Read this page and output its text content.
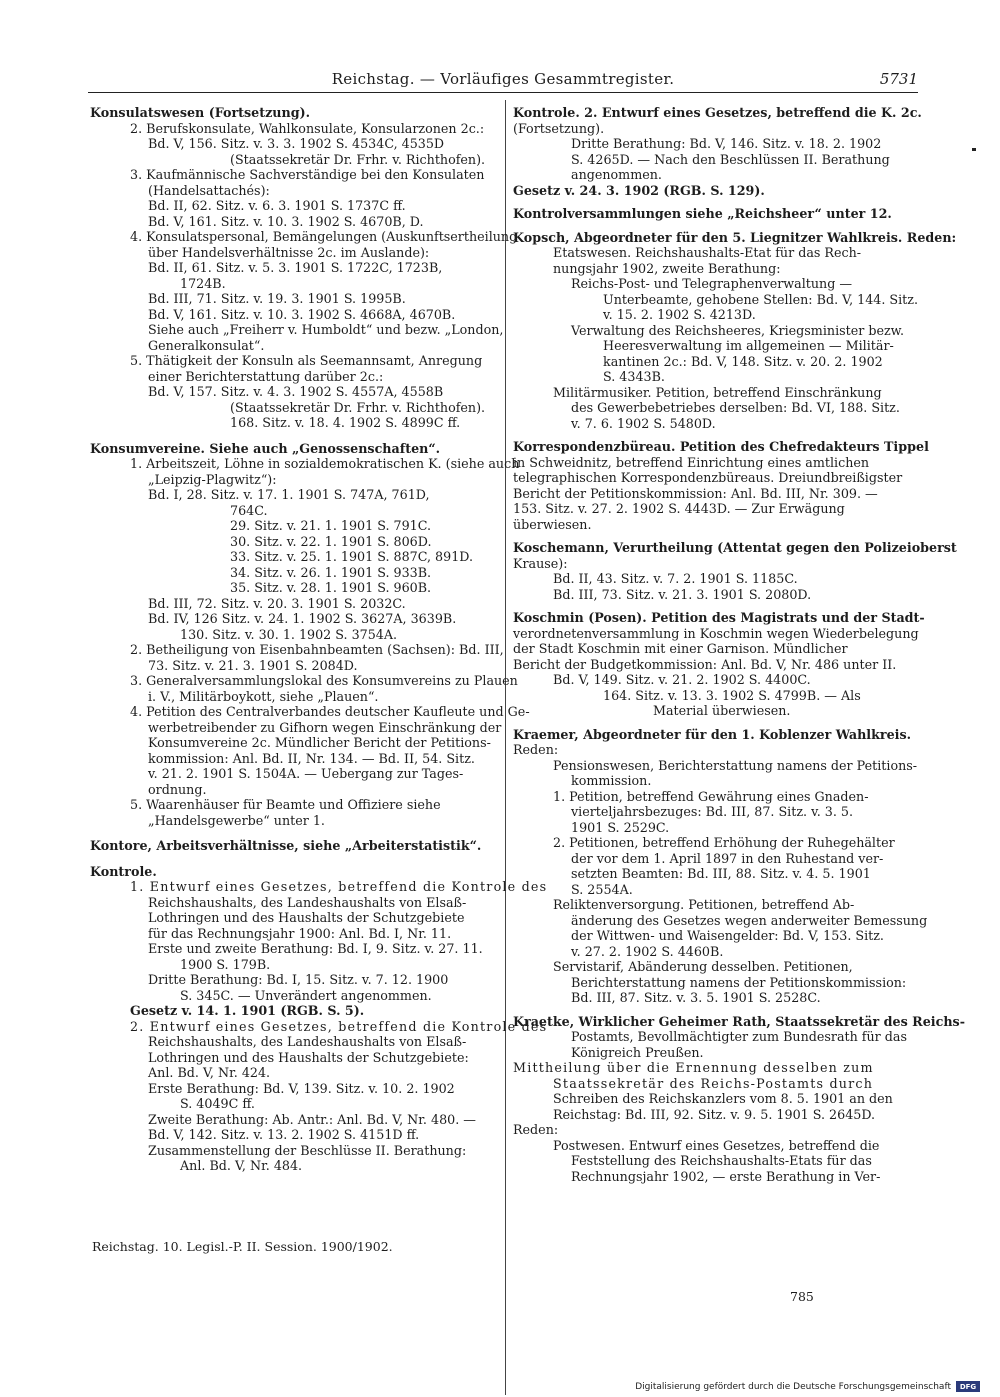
Reichstag. — Vorläufiges Gesammtregister.	5731
Konsulatswesen (Fortsetzung).
2. Berufskonsulate, Wahlkonsulate, Konsularzonen 2c.:
Bd. V, 156. Sitz. v. 3. 3. 1902 S. 4534C, 4535D
(Staatssekretär Dr. Frhr. v. Richthofen).
3. Kaufmännische Sachverständige bei den Konsulaten
(Handelsattachés):
Bd. II, 62. Sitz. v. 6. 3. 1901 S. 1737C ff.
Bd. V, 161. Sitz. v. 10. 3. 1902 S. 4670B, D.
4. Konsulatspersonal, Bemängelungen (Auskunftsertheilung
über Handelsverhältnisse 2c. im Auslande):
Bd. II, 61. Sitz. v. 5. 3. 1901 S. 1722C, 1723B,
1724B.
Bd. III, 71. Sitz. v. 19. 3. 1901 S. 1995B.
Bd. V, 161. Sitz. v. 10. 3. 1902 S. 4668A, 4670B.
Siehe auch „Freiherr v. Humboldt“ und bezw. „London,
Generalkonsulat“.
5. Thätigkeit der Konsuln als Seemannsamt, Anregung
einer Berichterstattung darüber 2c.:
Bd. V, 157. Sitz. v. 4. 3. 1902 S. 4557A, 4558B
(Staatssekretär Dr. Frhr. v. Richthofen).
168. Sitz. v. 18. 4. 1902 S. 4899C ff.
Konsumvereine. Siehe auch „Genossenschaften“.
1. Arbeitszeit, Löhne in sozialdemokratischen K. (siehe auch
„Leipzig-Plagwitz“):
Bd. I, 28. Sitz. v. 17. 1. 1901 S. 747A, 761D,
764C.
29. Sitz. v. 21. 1. 1901 S. 791C.
30. Sitz. v. 22. 1. 1901 S. 806D.
33. Sitz. v. 25. 1. 1901 S. 887C, 891D.
34. Sitz. v. 26. 1. 1901 S. 933B.
35. Sitz. v. 28. 1. 1901 S. 960B.
Bd. III, 72. Sitz. v. 20. 3. 1901 S. 2032C.
Bd. IV, 126 Sitz. v. 24. 1. 1902 S. 3627A, 3639B.
130. Sitz. v. 30. 1. 1902 S. 3754A.
2. Betheiligung von Eisenbahnbeamten (Sachsen): Bd. III,
73. Sitz. v. 21. 3. 1901 S. 2084D.
3. Generalversammlungslokal des Konsumvereins zu Plauen
i. V., Militärboykott, siehe „Plauen“.
4. Petition des Centralverbandes deutscher Kaufleute und Ge-
werbetreibender zu Gifhorn wegen Einschränkung der
Konsumvereine 2c. Mündlicher Bericht der Petitions-
kommission: Anl. Bd. II, Nr. 134. — Bd. II, 54. Sitz.
v. 21. 2. 1901 S. 1504A. — Uebergang zur Tages-
ordnung.
5. Waarenhäuser für Beamte und Offiziere siehe
„Handelsgewerbe“ unter 1.
Kontore, Arbeitsverhältnisse, siehe „Arbeiterstatistik“.
Kontrole.
1. Entwurf eines Gesetzes, betreffend die Kontrole des
Reichshaushalts, des Landeshaushalts von Elsaß-
Lothringen und des Haushalts der Schutzgebiete
für das Rechnungsjahr 1900: Anl. Bd. I, Nr. 11.
Erste und zweite Berathung: Bd. I, 9. Sitz. v. 27. 11.
1900 S. 179B.
Dritte Berathung: Bd. I, 15. Sitz. v. 7. 12. 1900
S. 345C. — Unverändert angenommen.
Gesetz v. 14. 1. 1901 (RGB. S. 5).
2. Entwurf eines Gesetzes, betreffend die Kontrole des
Reichshaushalts, des Landeshaushalts von Elsaß-
Lothringen und des Haushalts der Schutzgebiete:
Anl. Bd. V, Nr. 424.
Erste Berathung: Bd. V, 139. Sitz. v. 10. 2. 1902
S. 4049C ff.
Zweite Berathung: Ab. Antr.: Anl. Bd. V, Nr. 480. —
Bd. V, 142. Sitz. v. 13. 2. 1902 S. 4151D ff.
Zusammenstellung der Beschlüsse II. Berathung:
Anl. Bd. V, Nr. 484.
Kontrole. 2. Entwurf eines Gesetzes, betreffend die K. 2c.
(Fortsetzung).
Dritte Berathung: Bd. V, 146. Sitz. v. 18. 2. 1902
S. 4265D. — Nach den Beschlüssen II. Berathung
angenommen.
Gesetz v. 24. 3. 1902 (RGB. S. 129).
Kontrolversammlungen siehe „Reichsheer“ unter 12.
Kopsch, Abgeordneter für den 5. Liegnitzer Wahlkreis. Reden:
Etatswesen. Reichshaushalts-Etat für das Rech-
nungsjahr 1902, zweite Berathung:
Reichs-Post- und Telegraphenverwaltung —
Unterbeamte, gehobene Stellen: Bd. V, 144. Sitz.
v. 15. 2. 1902 S. 4213D.
Verwaltung des Reichsheeres, Kriegsminister bezw.
Heeresverwaltung im allgemeinen — Militär-
kantinen 2c.: Bd. V, 148. Sitz. v. 20. 2. 1902
S. 4343B.
Militärmusiker. Petition, betreffend Einschränkung
des Gewerbebetriebes derselben: Bd. VI, 188. Sitz.
v. 7. 6. 1902 S. 5480D.
Korrespondenzbüreau. Petition des Chefredakteurs Tippel
in Schweidnitz, betreffend Einrichtung eines amtlichen
telegraphischen Korrespondenzbüreaus. Dreiundbreißigster
Bericht der Petitionskommission: Anl. Bd. III, Nr. 309. —
153. Sitz. v. 27. 2. 1902 S. 4443D. — Zur Erwägung
überwiesen.
Koschemann, Verurtheilung (Attentat gegen den Polizeioberst
Krause):
Bd. II, 43. Sitz. v. 7. 2. 1901 S. 1185C.
Bd. III, 73. Sitz. v. 21. 3. 1901 S. 2080D.
Koschmin (Posen). Petition des Magistrats und der Stadt-
verordnetenversammlung in Koschmin wegen Wiederbelegung
der Stadt Koschmin mit einer Garnison. Mündlicher
Bericht der Budgetkommission: Anl. Bd. V, Nr. 486 unter II.
Bd. V, 149. Sitz. v. 21. 2. 1902 S. 4400C.
164. Sitz. v. 13. 3. 1902 S. 4799B. — Als
Material überwiesen.
Kraemer, Abgeordneter für den 1. Koblenzer Wahlkreis.
Reden:
Pensionswesen, Berichterstattung namens der Petitions-
kommission.
1. Petition, betreffend Gewährung eines Gnaden-
vierteljahrsbezuges: Bd. III, 87. Sitz. v. 3. 5.
1901 S. 2529C.
2. Petitionen, betreffend Erhöhung der Ruhegehälter
der vor dem 1. April 1897 in den Ruhestand ver-
setzten Beamten: Bd. III, 88. Sitz. v. 4. 5. 1901
S. 2554A.
Reliktenversorgung. Petitionen, betreffend Ab-
änderung des Gesetzes wegen anderweiter Bemessung
der Wittwen- und Waisengelder: Bd. V, 153. Sitz.
v. 27. 2. 1902 S. 4460B.
Servistarif, Abänderung desselben. Petitionen,
Berichterstattung namens der Petitionskommission:
Bd. III, 87. Sitz. v. 3. 5. 1901 S. 2528C.
Kraetke, Wirklicher Geheimer Rath, Staatssekretär des Reichs-
Postamts, Bevollmächtigter zum Bundesrath für das
Königreich Preußen.
Mittheilung über die Ernennung desselben zum
Staatssekretär des Reichs-Postamts durch
Schreiben des Reichskanzlers vom 8. 5. 1901 an den
Reichstag: Bd. III, 92. Sitz. v. 9. 5. 1901 S. 2645D.
Reden:
Postwesen. Entwurf eines Gesetzes, betreffend die
Feststellung des Reichshaushalts-Etats für das
Rechnungsjahr 1902, — erste Berathung in Ver-
Reichstag. 10. Legisl.-P. II. Session. 1900/1902.
785
Digitalisierung gefördert durch die Deutsche Forschungsgemeinschaft	DFG
